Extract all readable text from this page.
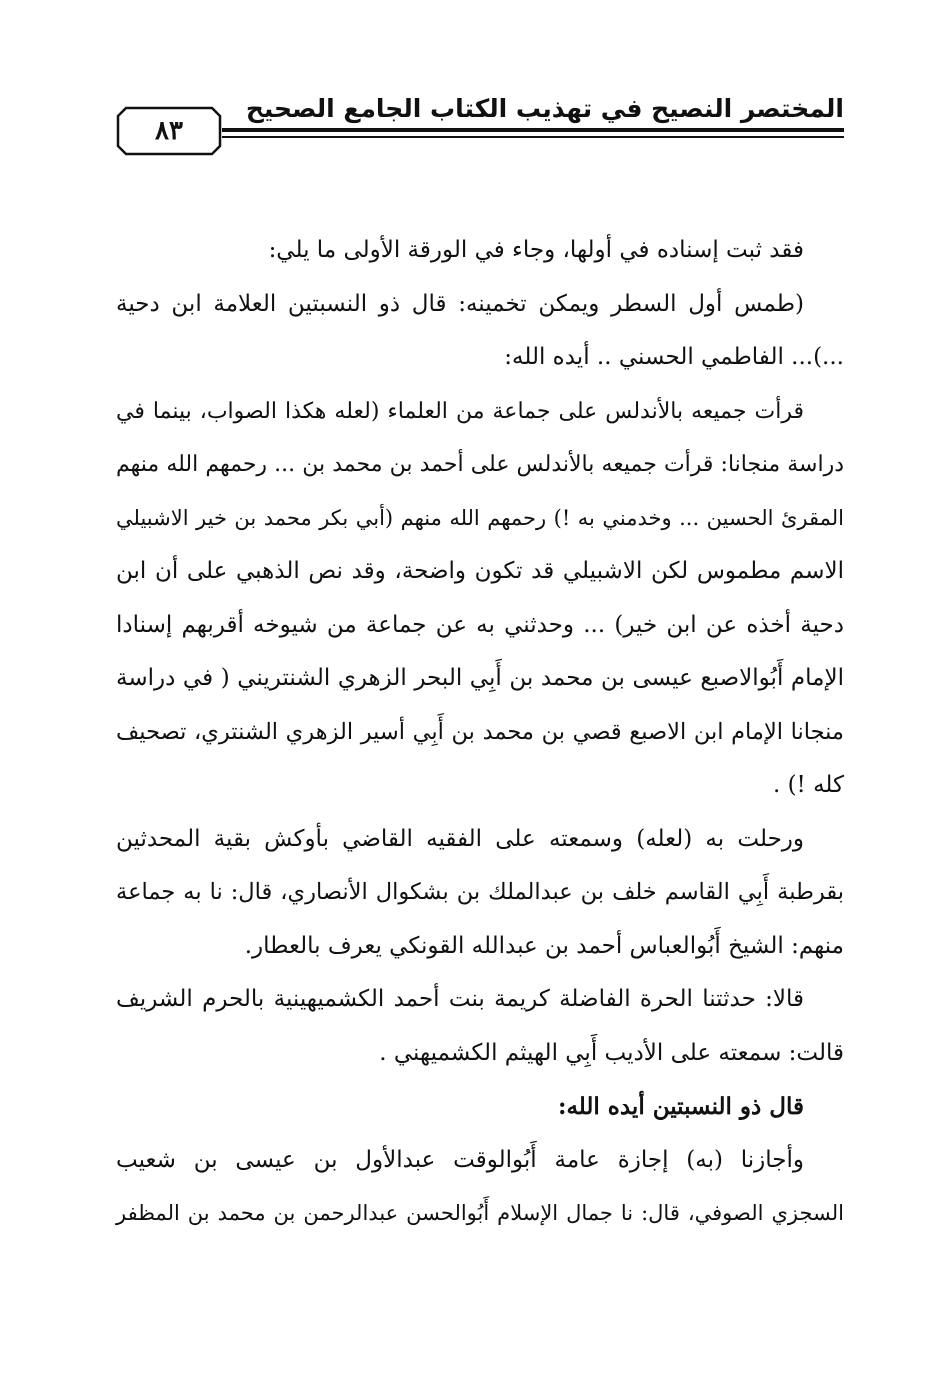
المختصر النصيح في تهذيب الكتاب الجامع الصحيح
٨٣
فقد ثبت إسناده في أولها، وجاء في الورقة الأولى ما يلي:
(طمس أول السطر ويمكن تخمينه: قال ذو النسبتين العلامة ابن دحية
...)... الفاطمي الحسني .. أيده الله:
قرأت جميعه بالأندلس على جماعة من العلماء (لعله هكذا الصواب، بينما في
دراسة منجانا: قرأت جميعه بالأندلس على أحمد بن محمد بن ... رحمهم الله منهم
المقرئ الحسين ... وخدمني به !) رحمهم الله منهم (أبي بكر محمد بن خير الاشبيلي
الاسم مطموس لكن الاشبيلي قد تكون واضحة، وقد نص الذهبي على أن ابن
دحية أخذه عن ابن خير) ... وحدثني به عن جماعة من شيوخه أقربهم إسنادا
الإمام أَبُوالاصبع عيسى بن محمد بن أَبِي البحر الزهري الشنتريني ( في دراسة
منجانا الإمام ابن الاصبع قصي بن محمد بن أَبِي أسير الزهري الشنتري، تصحيف
كله !) .
ورحلت به (لعله) وسمعته على الفقيه القاضي بأوكش بقية المحدثين
بقرطبة أَبِي القاسم خلف بن عبدالملك بن بشكوال الأنصاري، قال: نا به جماعة
منهم: الشيخ أَبُوالعباس أحمد بن عبدالله القونكي يعرف بالعطار.
قالا: حدثتنا الحرة الفاضلة كريمة بنت أحمد الكشميهينية بالحرم الشريف
قالت: سمعته على الأديب أَبِي الهيثم الكشميهني .
قال ذو النسبتين أيده الله:
وأجازنا (به) إجازة عامة أَبُوالوقت عبدالأول بن عيسى بن شعيب
السجزي الصوفي، قال: نا جمال الإسلام أَبُوالحسن عبدالرحمن بن محمد بن المظفر
